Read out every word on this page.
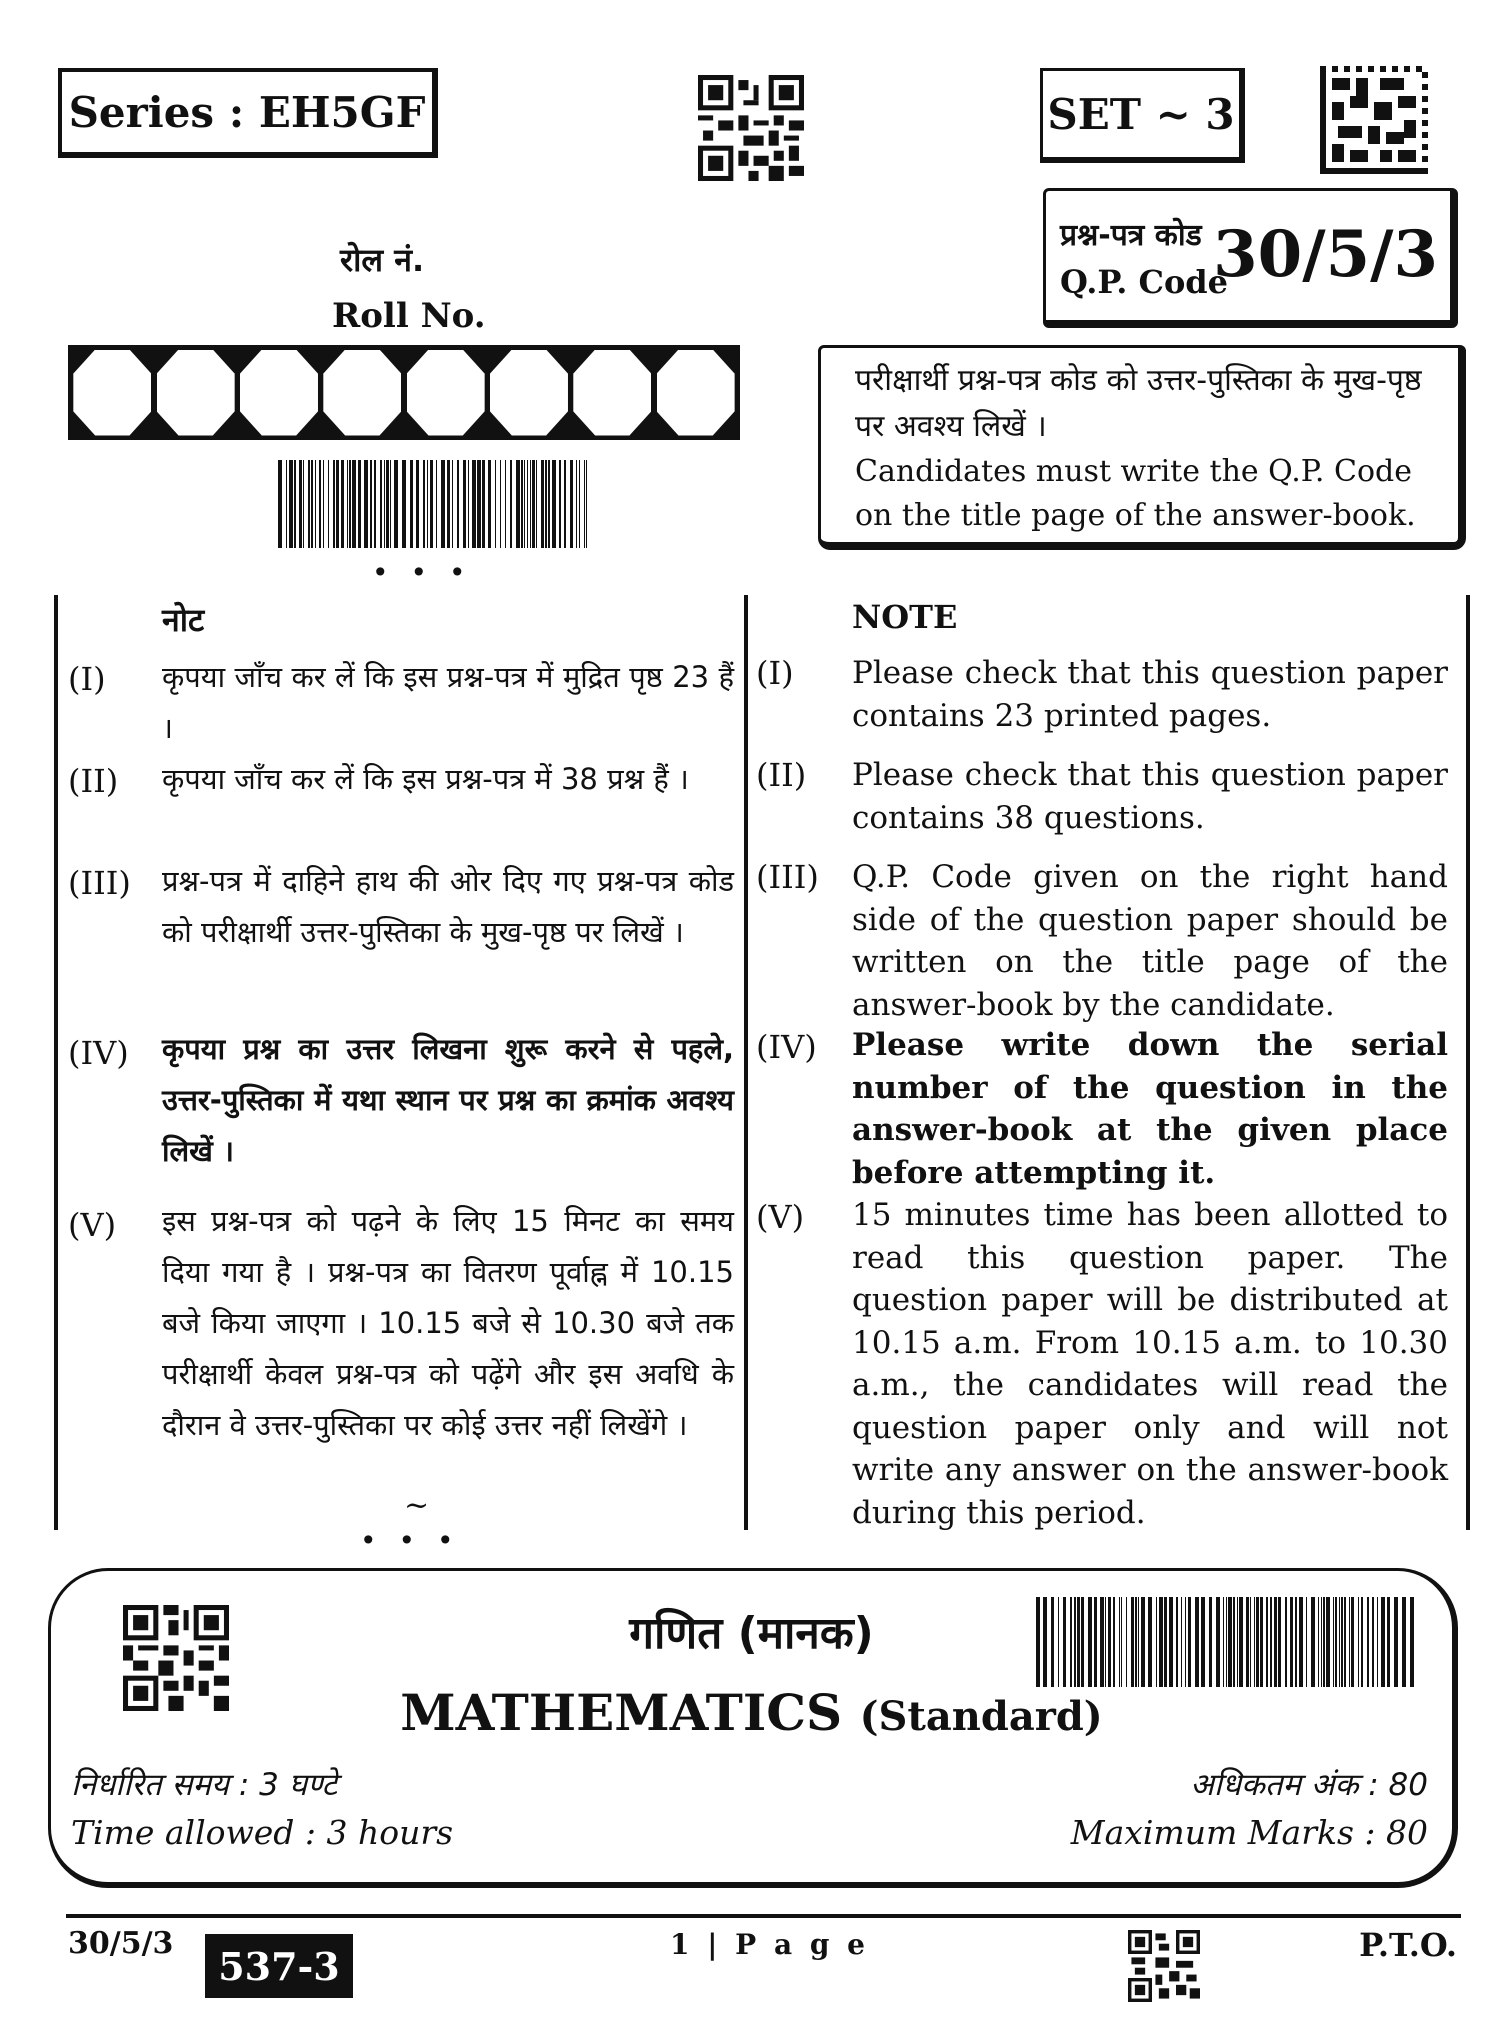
Series : EH5GF	SET ~ 3
प्रश्न-पत्र कोड
Q.P. Code
30/5/3
रोल नं.
Roll No.
•••
परीक्षार्थी प्रश्न-पत्र कोड को उत्तर-पुस्तिका के मुख-पृष्ठ पर अवश्य लिखें ।
Candidates must write the Q.P. Code on the title page of the answer-book.
नोट	NOTE
(I) कृपया जाँच कर लें कि इस प्रश्न-पत्र में मुद्रित पृष्ठ 23 हैं ।
(II) कृपया जाँच कर लें कि इस प्रश्न-पत्र में 38 प्रश्न हैं ।
(III) प्रश्न-पत्र में दाहिने हाथ की ओर दिए गए प्रश्न-पत्र कोड को परीक्षार्थी उत्तर-पुस्तिका के मुख-पृष्ठ पर लिखें ।
(IV) कृपया प्रश्न का उत्तर लिखना शुरू करने से पहले, उत्तर-पुस्तिका में यथा स्थान पर प्रश्न का क्रमांक अवश्य लिखें ।
(V) इस प्रश्न-पत्र को पढ़ने के लिए 15 मिनट का समय दिया गया है । प्रश्न-पत्र का वितरण पूर्वाह्न में 10.15 बजे किया जाएगा । 10.15 बजे से 10.30 बजे तक परीक्षार्थी केवल प्रश्न-पत्र को पढ़ेंगे और इस अवधि के दौरान वे उत्तर-पुस्तिका पर कोई उत्तर नहीं लिखेंगे ।
~
(I) Please check that this question paper contains 23 printed pages.
(II) Please check that this question paper contains 38 questions.
(III) Q.P. Code given on the right hand side of the question paper should be written on the title page of the answer-book by the candidate.
(IV) Please write down the serial number of the question in the answer-book at the given place before attempting it.
(V) 15 minutes time has been allotted to read this question paper. The question paper will be distributed at 10.15 a.m. From 10.15 a.m. to 10.30 a.m., the candidates will read the question paper only and will not write any answer on the answer-book during this period.
•••
गणित (मानक)
MATHEMATICS (Standard)
निर्धारित समय : 3 घण्टे
Time allowed : 3 hours
अधिकतम अंक : 80
Maximum Marks : 80
30/5/3 537-3	1 | P a g e	P.T.O.
